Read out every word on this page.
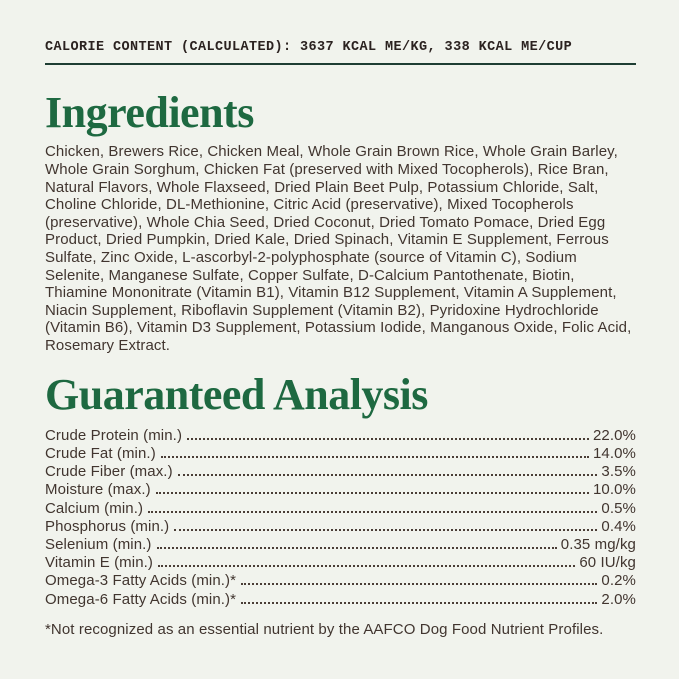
CALORIE CONTENT (CALCULATED): 3637 KCAL ME/KG, 338 KCAL ME/CUP
Ingredients

Chicken, Brewers Rice, Chicken Meal, Whole Grain Brown Rice, Whole Grain Barley, Whole Grain Sorghum, Chicken Fat (preserved with Mixed Tocopherols), Rice Bran, Natural Flavors, Whole Flaxseed, Dried Plain Beet Pulp, Potassium Chloride, Salt, Choline Chloride, DL-Methionine, Citric Acid (preservative), Mixed Tocopherols (preservative), Whole Chia Seed, Dried Coconut, Dried Tomato Pomace, Dried Egg Product, Dried Pumpkin, Dried Kale, Dried Spinach, Vitamin E Supplement, Ferrous Sulfate, Zinc Oxide, L-ascorbyl-2-polyphosphate (source of Vitamin C), Sodium Selenite, Manganese Sulfate, Copper Sulfate, D-Calcium Pantothenate, Biotin, Thiamine Mononitrate (Vitamin B1), Vitamin B12 Supplement, Vitamin A Supplement, Niacin Supplement, Riboflavin Supplement (Vitamin B2), Pyridoxine Hydrochloride (Vitamin B6), Vitamin D3 Supplement, Potassium Iodide, Manganous Oxide, Folic Acid, Rosemary Extract.

Guaranteed Analysis
Crude Protein (min.)	22.0%
Crude Fat (min.)	14.0%
Crude Fiber (max.)	3.5%
Moisture (max.)	10.0%
Calcium (min.)	0.5%
Phosphorus (min.)	0.4%
Selenium (min.)	0.35 mg/kg
Vitamin E (min.)	60 IU/kg
Omega-3 Fatty Acids (min.)*	0.2%
Omega-6 Fatty Acids (min.)*	2.0%
*Not recognized as an essential nutrient by the AAFCO Dog Food Nutrient Profiles.
